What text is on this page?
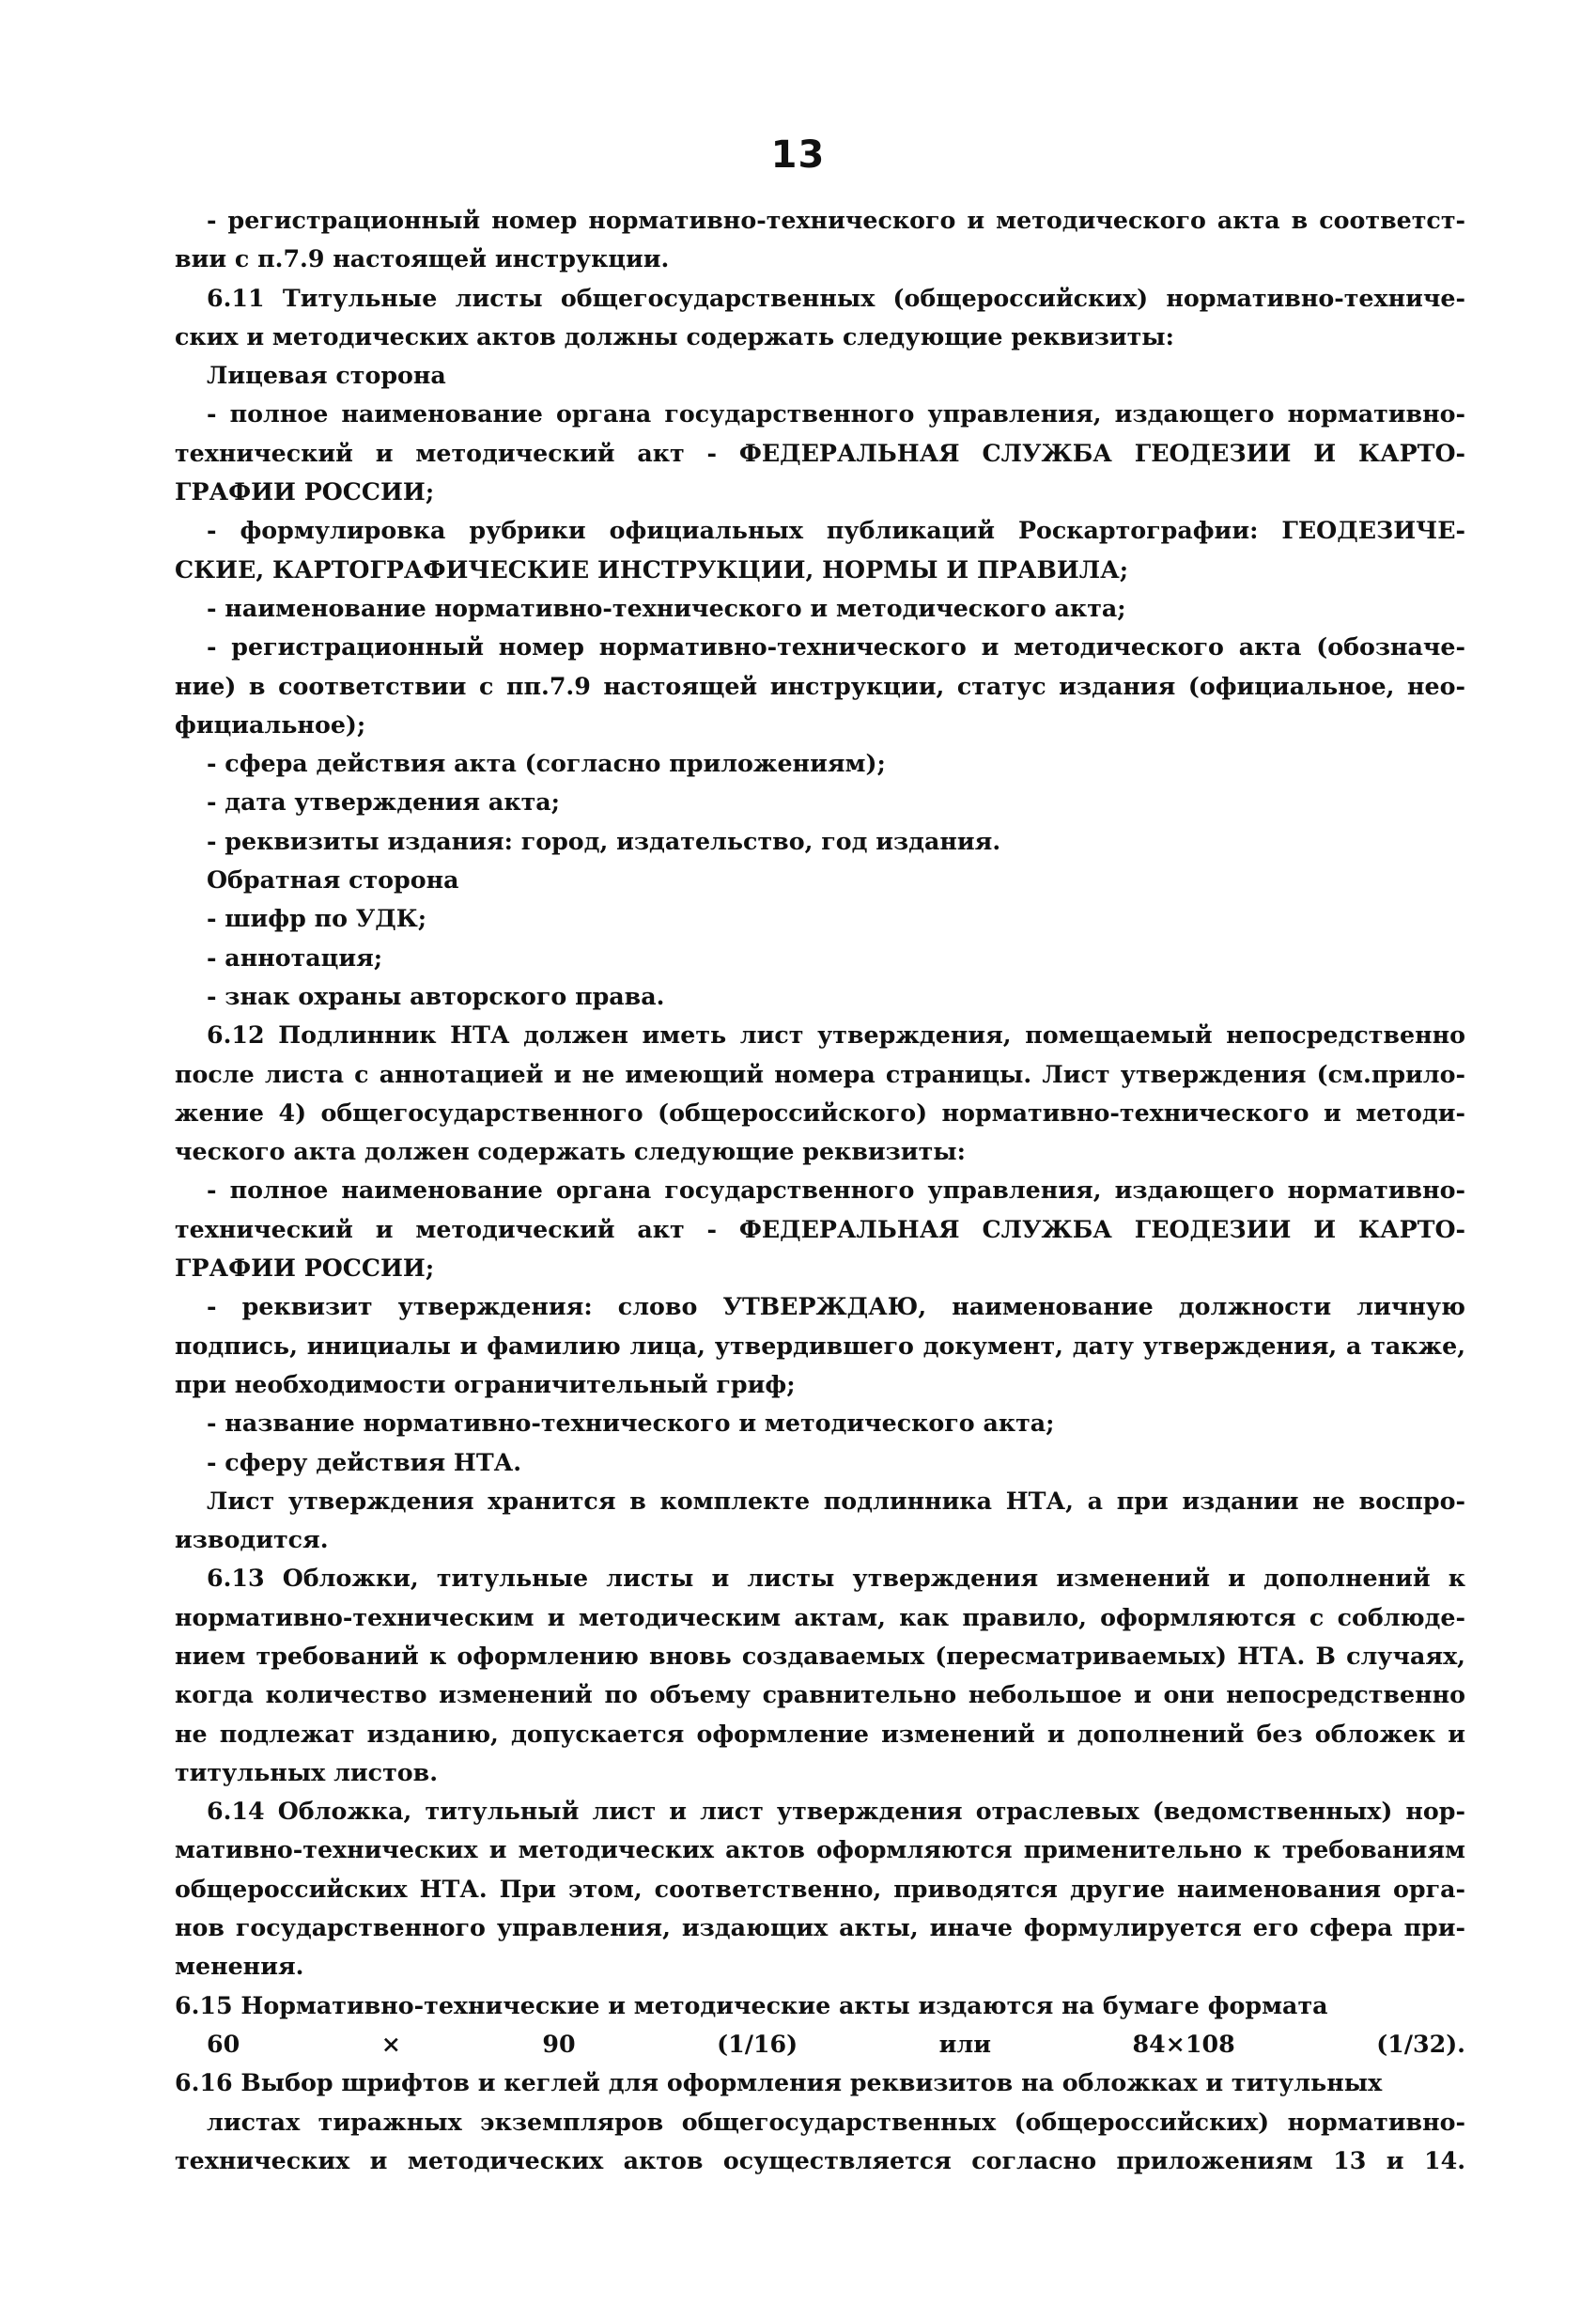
13
- регистрационный номер нормативно-технического и методического акта в соответст-
вии с п.7.9 настоящей инструкции.
6.11 Титульные листы общегосударственных (общероссийских) нормативно-техниче-
ских и методических актов должны содержать следующие реквизиты:
Лицевая сторона
- полное наименование органа государственного управления, издающего нормативно-
технический и методический акт - ФЕДЕРАЛЬНАЯ СЛУЖБА ГЕОДЕЗИИ И КАРТО-
ГРАФИИ РОССИИ;
- формулировка рубрики официальных публикаций Роскартографии: ГЕОДЕЗИЧЕ-
СКИЕ, КАРТОГРАФИЧЕСКИЕ ИНСТРУКЦИИ, НОРМЫ И ПРАВИЛА;
- наименование нормативно-технического и методического акта;
- регистрационный номер нормативно-технического и методического акта (обозначе-
ние) в соответствии с пп.7.9 настоящей инструкции, статус издания (официальное, нео-
фициальное);
- сфера действия акта (согласно приложениям);
- дата утверждения акта;
- реквизиты издания: город, издательство, год издания.
Обратная сторона
- шифр по УДК;
- аннотация;
- знак охраны авторского права.
6.12 Подлинник НТА должен иметь лист утверждения, помещаемый непосредственно
после листа с аннотацией и не имеющий номера страницы. Лист утверждения (см.прило-
жение 4) общегосударственного (общероссийского) нормативно-технического и методи-
ческого акта должен содержать следующие реквизиты:
- полное наименование органа государственного управления, издающего нормативно-
технический и методический акт - ФЕДЕРАЛЬНАЯ СЛУЖБА ГЕОДЕЗИИ И КАРТО-
ГРАФИИ РОССИИ;
- реквизит утверждения: слово УТВЕРЖДАЮ, наименование должности личную
подпись, инициалы и фамилию лица, утвердившего документ, дату утверждения, а также,
при необходимости ограничительный гриф;
- название нормативно-технического и методического акта;
- сферу действия НТА.
Лист утверждения хранится в комплекте подлинника НТА, а при издании не воспро-
изводится.
6.13 Обложки, титульные листы и листы утверждения изменений и дополнений к
нормативно-техническим и методическим актам, как правило, оформляются с соблюде-
нием требований к оформлению вновь создаваемых (пересматриваемых) НТА. В случаях,
когда количество изменений по объему сравнительно небольшое и они непосредственно
не подлежат изданию, допускается оформление изменений и дополнений без обложек и
титульных листов.
6.14 Обложка, титульный лист и лист утверждения отраслевых (ведомственных) нор-
мативно-технических и методических актов оформляются применительно к требованиям
общероссийских НТА. При этом, соответственно, приводятся другие наименования орга-
нов государственного управления, издающих акты, иначе формулируется его сфера при-
менения.
6.15 Нормативно-технические и методические акты издаются на бумаге формата
60 × 90 (1/16) или 84×108 (1/32).
6.16 Выбор шрифтов и кеглей для оформления реквизитов на обложках и титульных
листах тиражных экземпляров общегосударственных (общероссийских) нормативно-
технических и методических актов осуществляется согласно приложениям 13 и 14.
